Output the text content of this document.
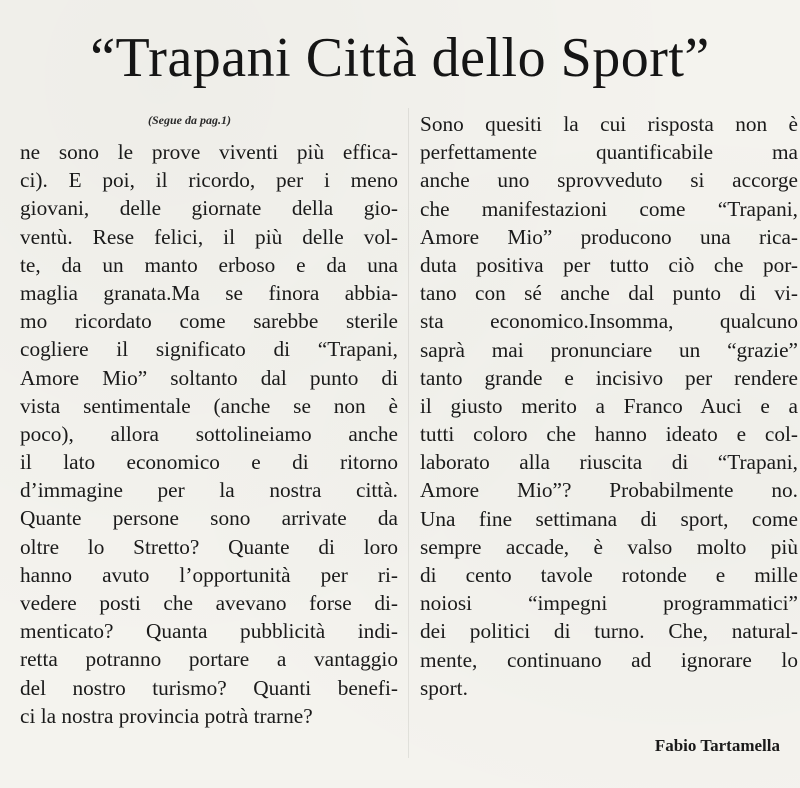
“Trapani Città dello Sport”
(Segue da pag.1)
ne sono le prove viventi più effica-
ci). E poi, il ricordo, per i meno
giovani, delle giornate della gio-
ventù. Rese felici, il più delle vol-
te, da un manto erboso e da una
maglia granata.Ma se finora abbia-
mo ricordato come sarebbe sterile
cogliere il significato di “Trapani,
Amore Mio” soltanto dal punto di
vista sentimentale (anche se non è
poco), allora sottolineiamo anche
il lato economico e di ritorno
d’immagine per la nostra città.
Quante persone sono arrivate da
oltre lo Stretto? Quante di loro
hanno avuto l’opportunità per ri-
vedere posti che avevano forse di-
menticato? Quanta pubblicità indi-
retta potranno portare a vantaggio
del nostro turismo? Quanti benefi-
ci la nostra provincia potrà trarne?
Sono quesiti la cui risposta non è
perfettamente quantificabile ma
anche uno sprovveduto si accorge
che manifestazioni come “Trapani,
Amore Mio” producono una rica-
duta positiva per tutto ciò che por-
tano con sé anche dal punto di vi-
sta economico.Insomma, qualcuno
saprà mai pronunciare un “grazie”
tanto grande e incisivo per rendere
il giusto merito a Franco Auci e a
tutti coloro che hanno ideato e col-
laborato alla riuscita di “Trapani,
Amore Mio”? Probabilmente no.
Una fine settimana di sport, come
sempre accade, è valso molto più
di cento tavole rotonde e mille
noiosi “impegni programmatici”
dei politici di turno. Che, natural-
mente, continuano ad ignorare lo
sport.
Fabio Tartamella
